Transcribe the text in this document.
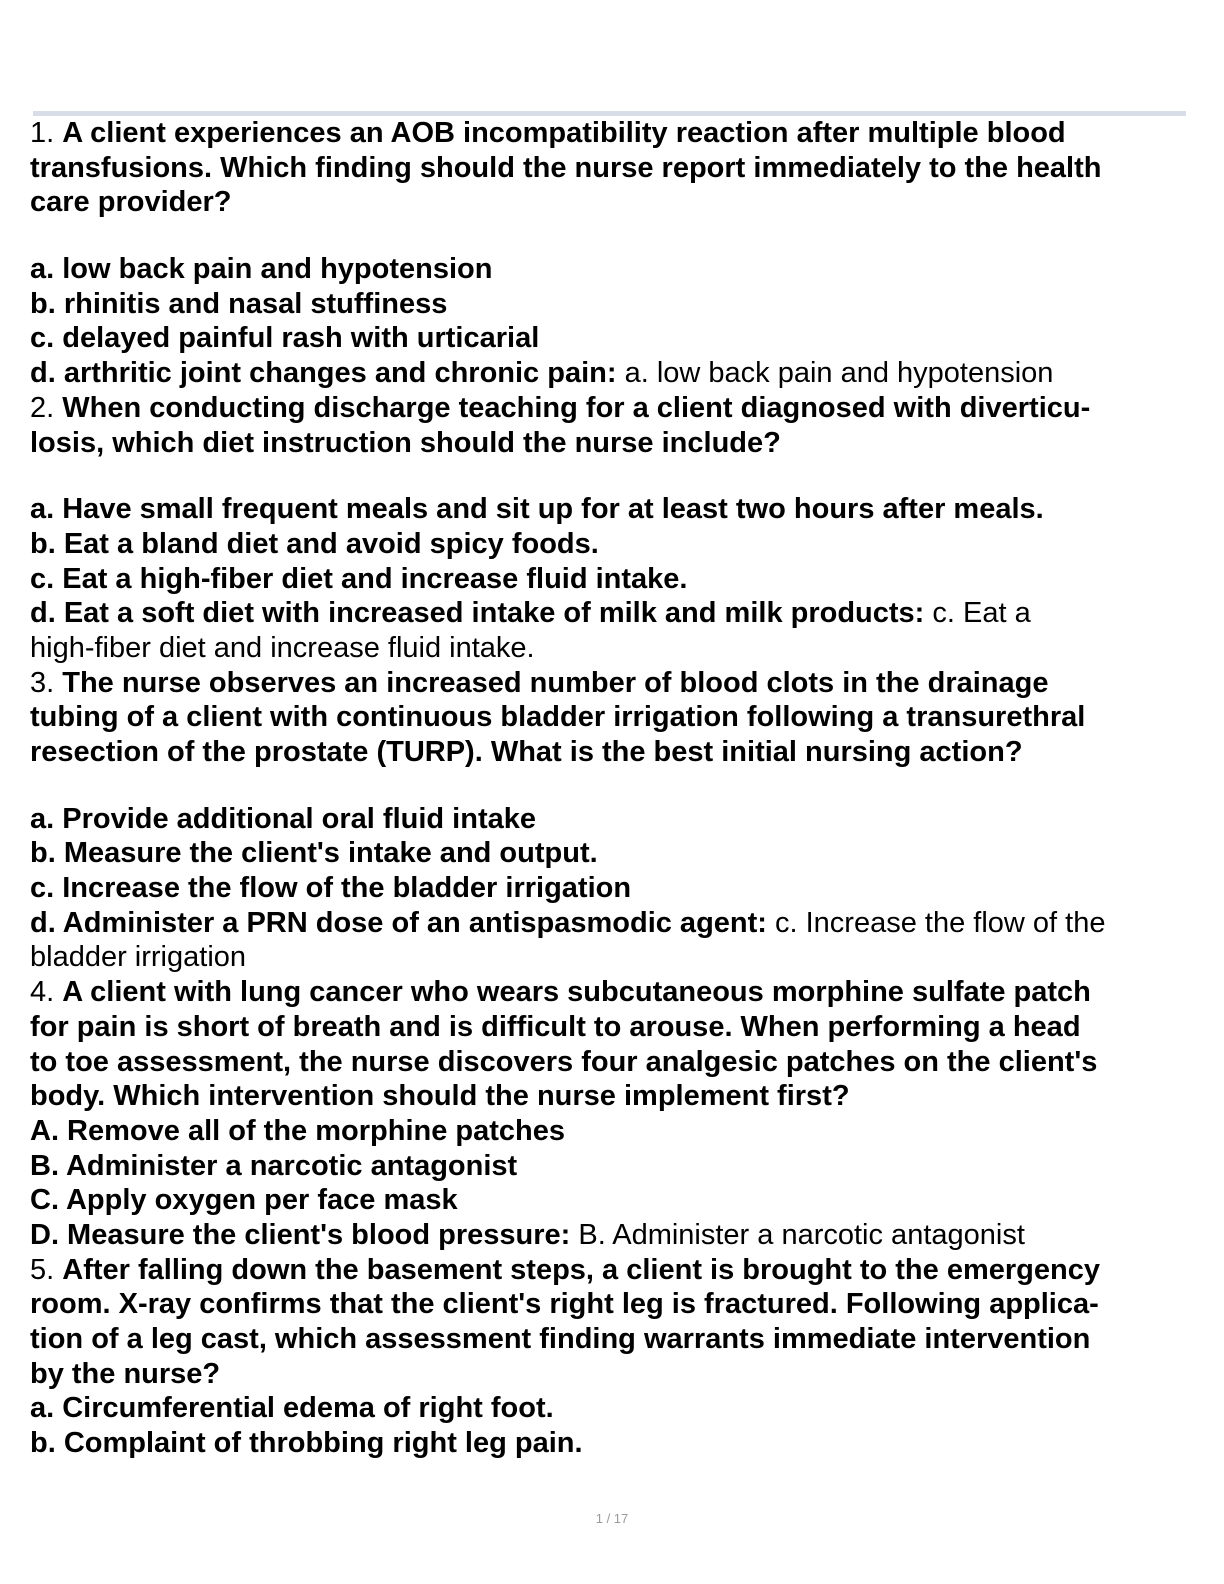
1. A client experiences an AOB incompatibility reaction after multiple blood
transfusions. Which finding should the nurse report immediately to the health
care provider?
a. low back pain and hypotension
b. rhinitis and nasal stuffiness
c. delayed painful rash with urticarial
d. arthritic joint changes and chronic pain: a. low back pain and hypotension
2. When conducting discharge teaching for a client diagnosed with diverticu-
losis, which diet instruction should the nurse include?
a. Have small frequent meals and sit up for at least two hours after meals.
b. Eat a bland diet and avoid spicy foods.
c. Eat a high-fiber diet and increase fluid intake.
d. Eat a soft diet with increased intake of milk and milk products: c. Eat a
high-fiber diet and increase fluid intake.
3. The nurse observes an increased number of blood clots in the drainage
tubing of a client with continuous bladder irrigation following a transurethral
resection of the prostate (TURP). What is the best initial nursing action?
a. Provide additional oral fluid intake
b. Measure the client's intake and output.
c. Increase the flow of the bladder irrigation
d. Administer a PRN dose of an antispasmodic agent: c. Increase the flow of the
bladder irrigation
4. A client with lung cancer who wears subcutaneous morphine sulfate patch
for pain is short of breath and is difficult to arouse. When performing a head
to toe assessment, the nurse discovers four analgesic patches on the client's
body. Which intervention should the nurse implement first?
A. Remove all of the morphine patches
B. Administer a narcotic antagonist
C. Apply oxygen per face mask
D. Measure the client's blood pressure: B. Administer a narcotic antagonist
5. After falling down the basement steps, a client is brought to the emergency
room. X-ray confirms that the client's right leg is fractured. Following applica-
tion of a leg cast, which assessment finding warrants immediate intervention
by the nurse?
a. Circumferential edema of right foot.
b. Complaint of throbbing right leg pain.
1 / 17
